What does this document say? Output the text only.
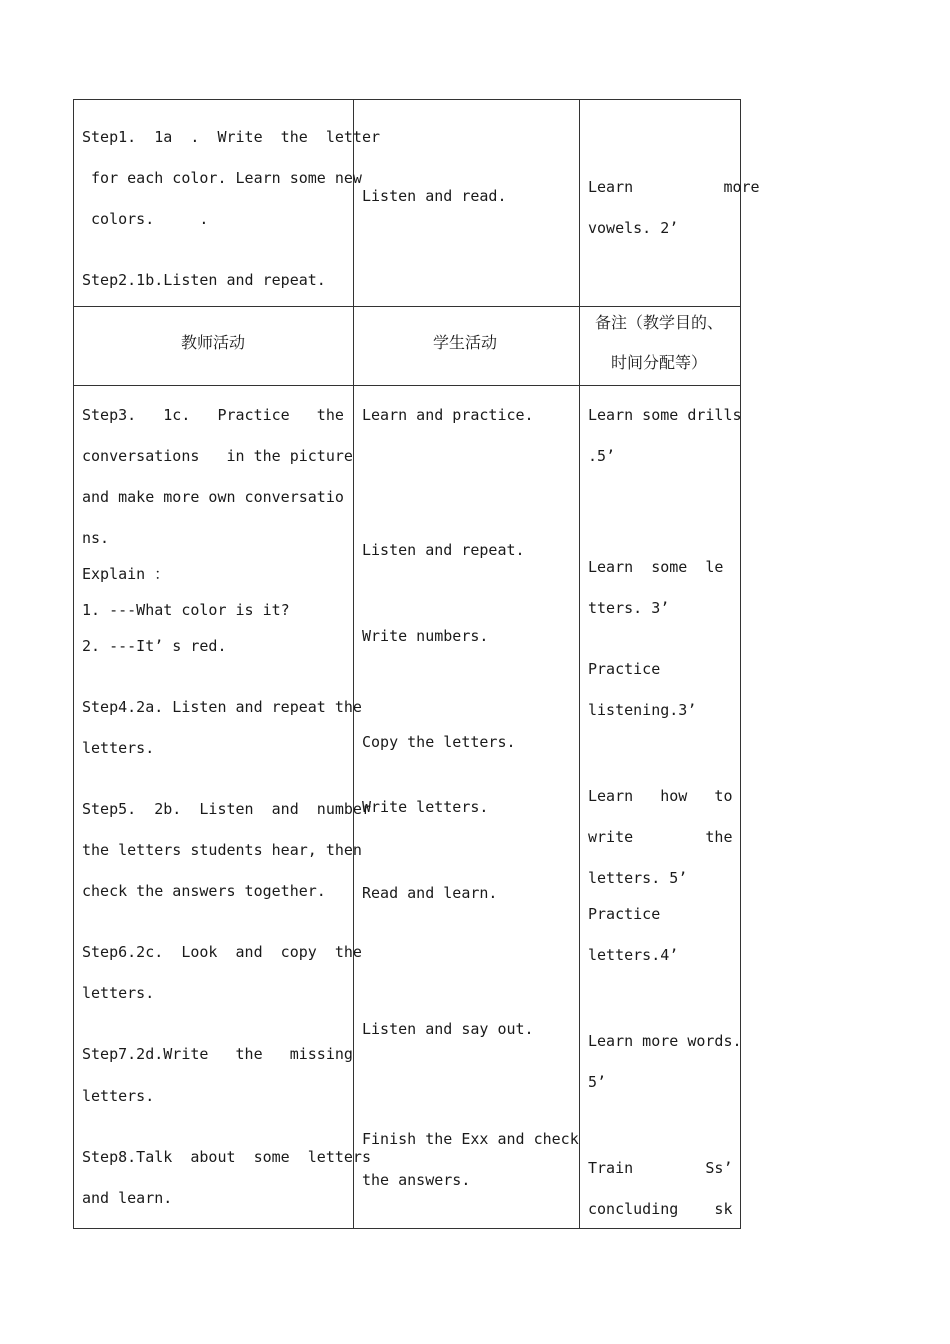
Step1.  1a  .  Write  the  letter
for each color. Learn some new
colors.     .
Step2.1b.Listen and repeat.
Listen and read.	Learn          more
vowels. 2’
教师活动	学生活动
备注（教学目的、
时间分配等）
Step3.   1c.   Practice   the
conversations   in the picture
and make more own conversatio
ns.
Explain ：
1. ---What color is it?
2. ---It’ s red.
Step4.2a. Listen and repeat the
letters.
Step5.  2b.  Listen  and  number
the letters students hear, then
check the answers together.
Step6.2c.  Look  and  copy  the
letters.
Step7.2d.Write   the   missing
letters.
Step8.Talk  about  some  letters
and learn.
Learn and practice.
Listen and repeat.
Write numbers.
Copy the letters.
Write letters.
Read and learn.
Listen and say out.
Finish the Exx and check
the answers.
Learn some drills
.5’
Learn  some  le
tters. 3’
Practice
listening.3’
Learn   how   to
write        the
letters. 5’
Practice
letters.4’
Learn more words.
5’
Train        Ss’
concluding    sk
